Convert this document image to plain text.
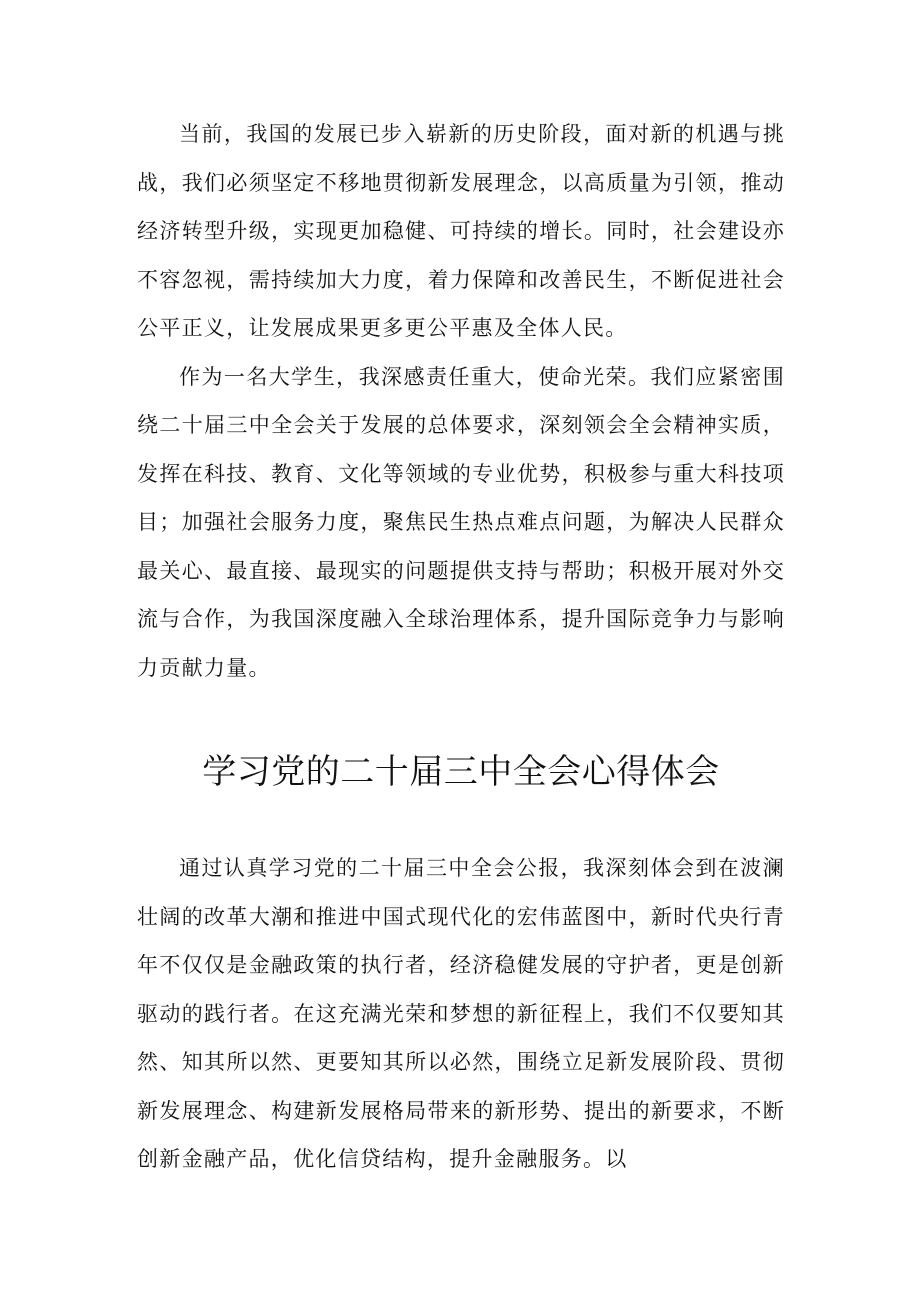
当前，我国的发展已步入崭新的历史阶段，面对新的机遇与挑战，我们必须坚定不移地贯彻新发展理念，以高质量为引领，推动经济转型升级，实现更加稳健、可持续的增长。同时，社会建设亦不容忽视，需持续加大力度，着力保障和改善民生，不断促进社会公平正义，让发展成果更多更公平惠及全体人民。

作为一名大学生，我深感责任重大，使命光荣。我们应紧密围绕二十届三中全会关于发展的总体要求，深刻领会全会精神实质，发挥在科技、教育、文化等领域的专业优势，积极参与重大科技项目；加强社会服务力度，聚焦民生热点难点问题，为解决人民群众最关心、最直接、最现实的问题提供支持与帮助；积极开展对外交流与合作，为我国深度融入全球治理体系，提升国际竞争力与影响力贡献力量。

学习党的二十届三中全会心得体会

通过认真学习党的二十届三中全会公报，我深刻体会到在波澜壮阔的改革大潮和推进中国式现代化的宏伟蓝图中，新时代央行青年不仅仅是金融政策的执行者，经济稳健发展的守护者，更是创新驱动的践行者。在这充满光荣和梦想的新征程上，我们不仅要知其然、知其所以然、更要知其所以必然，围绕立足新发展阶段、贯彻新发展理念、构建新发展格局带来的新形势、提出的新要求，不断创新金融产品，优化信贷结构，提升金融服务。以
